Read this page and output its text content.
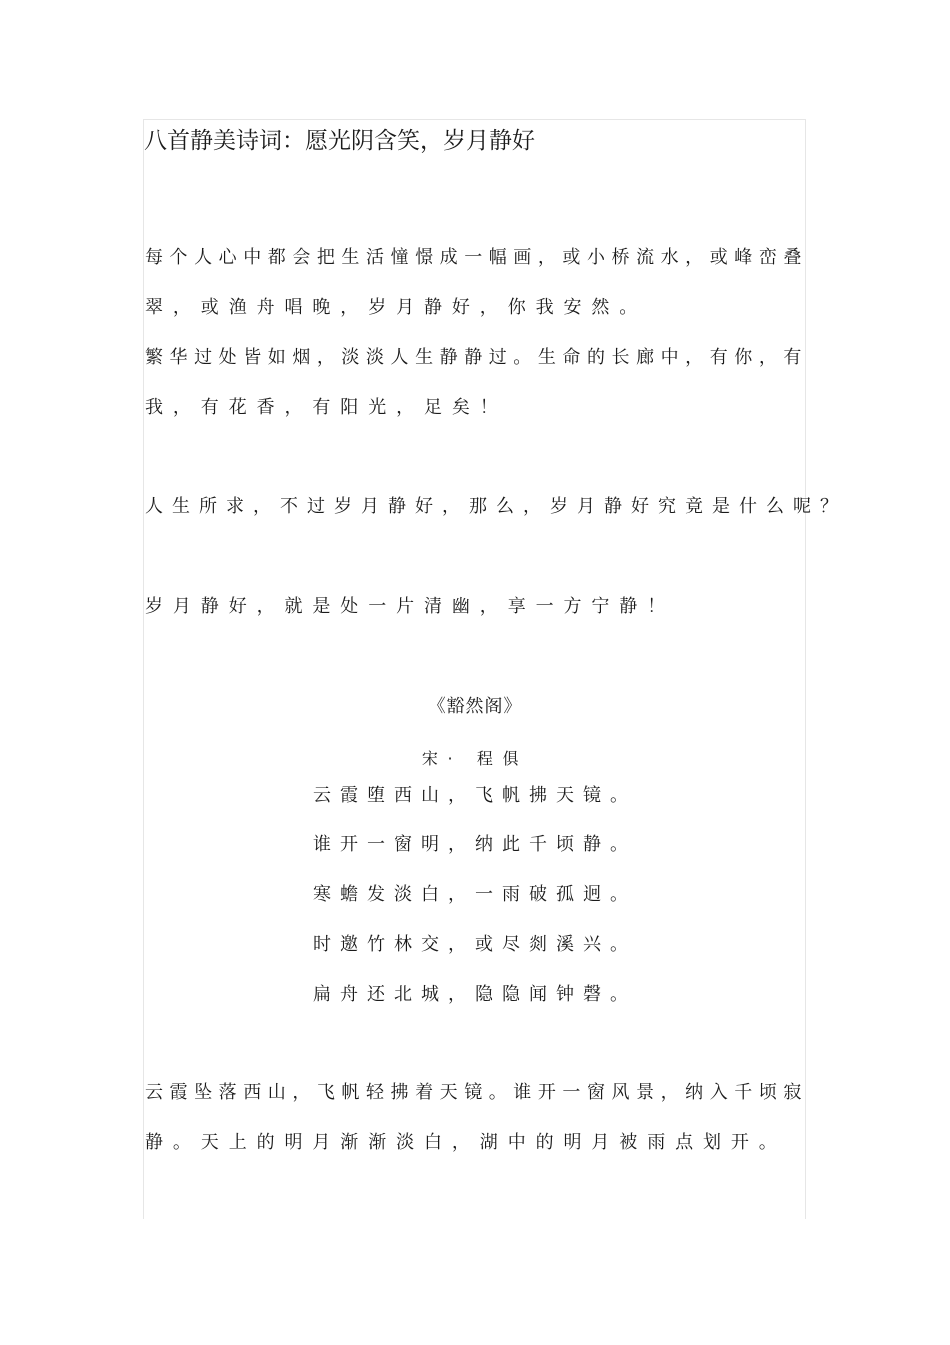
八首静美诗词：愿光阴含笑，岁月静好
每个人心中都会把生活憧憬成一幅画，或小桥流水，或峰峦叠
翠，或渔舟唱晚，岁月静好，你我安然。
繁华过处皆如烟，淡淡人生静静过。生命的长廊中，有你，有
我，有花香，有阳光，足矣！
人生所求，不过岁月静好，那么，岁月静好究竟是什么呢？
岁月静好，就是处一片清幽，享一方宁静！
《豁然阁》
宋· 程俱
云霞堕西山，飞帆拂天镜。
谁开一窗明，纳此千顷静。
寒蟾发淡白，一雨破孤迥。
时邀竹林交，或尽剡溪兴。
扁舟还北城，隐隐闻钟磬。
云霞坠落西山，飞帆轻拂着天镜。谁开一窗风景，纳入千顷寂
静。天上的明月渐渐淡白，湖中的明月被雨点划开。
